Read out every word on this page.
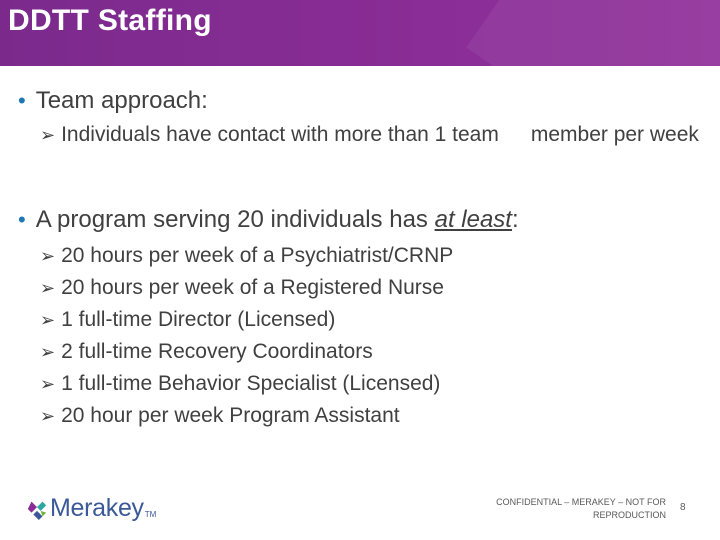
DDTT Staffing
• Team approach:
➢ Individuals have contact with more than 1 team member per week
• A program serving 20 individuals has at least:
➢ 20 hours per week of a Psychiatrist/CRNP
➢ 20 hours per week of a Registered Nurse
➢ 1 full-time Director (Licensed)
➢ 2 full-time Recovery Coordinators
➢ 1 full-time Behavior Specialist (Licensed)
➢ 20 hour per week Program Assistant
Merakey TM
CONFIDENTIAL – MERAKEY – NOT FOR REPRODUCTION
8
